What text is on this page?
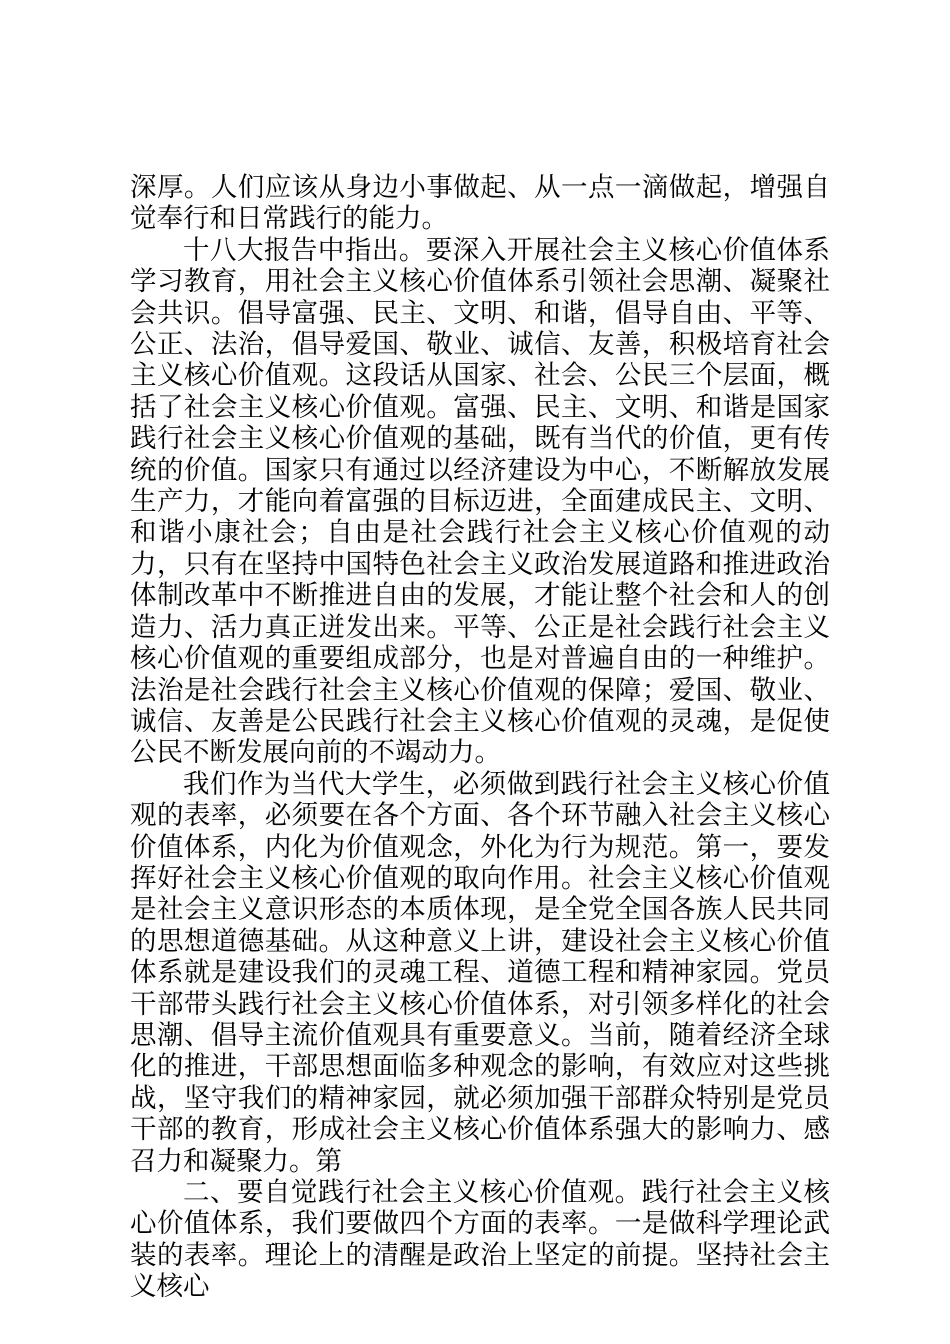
深厚。人们应该从身边小事做起、从一点一滴做起，增强自觉奉行和日常践行的能力。

十八大报告中指出。要深入开展社会主义核心价值体系学习教育，用社会主义核心价值体系引领社会思潮、凝聚社会共识。倡导富强、民主、文明、和谐，倡导自由、平等、公正、法治，倡导爱国、敬业、诚信、友善，积极培育社会主义核心价值观。这段话从国家、社会、公民三个层面，概括了社会主义核心价值观。富强、民主、文明、和谐是国家践行社会主义核心价值观的基础，既有当代的价值，更有传统的价值。国家只有通过以经济建设为中心，不断解放发展生产力，才能向着富强的目标迈进，全面建成民主、文明、和谐小康社会；自由是社会践行社会主义核心价值观的动力，只有在坚持中国特色社会主义政治发展道路和推进政治体制改革中不断推进自由的发展，才能让整个社会和人的创造力、活力真正迸发出来。平等、公正是社会践行社会主义核心价值观的重要组成部分，也是对普遍自由的一种维护。法治是社会践行社会主义核心价值观的保障；爱国、敬业、诚信、友善是公民践行社会主义核心价值观的灵魂，是促使公民不断发展向前的不竭动力。

我们作为当代大学生，必须做到践行社会主义核心价值观的表率，必须要在各个方面、各个环节融入社会主义核心价值体系，内化为价值观念，外化为行为规范。第一，要发挥好社会主义核心价值观的取向作用。社会主义核心价值观是社会主义意识形态的本质体现，是全党全国各族人民共同的思想道德基础。从这种意义上讲，建设社会主义核心价值体系就是建设我们的灵魂工程、道德工程和精神家园。党员干部带头践行社会主义核心价值体系，对引领多样化的社会思潮、倡导主流价值观具有重要意义。当前，随着经济全球化的推进，干部思想面临多种观念的影响，有效应对这些挑战，坚守我们的精神家园，就必须加强干部群众特别是党员干部的教育，形成社会主义核心价值体系强大的影响力、感召力和凝聚力。第

二、要自觉践行社会主义核心价值观。践行社会主义核心价值体系，我们要做四个方面的表率。一是做科学理论武装的表率。理论上的清醒是政治上坚定的前提。坚持社会主义核心
